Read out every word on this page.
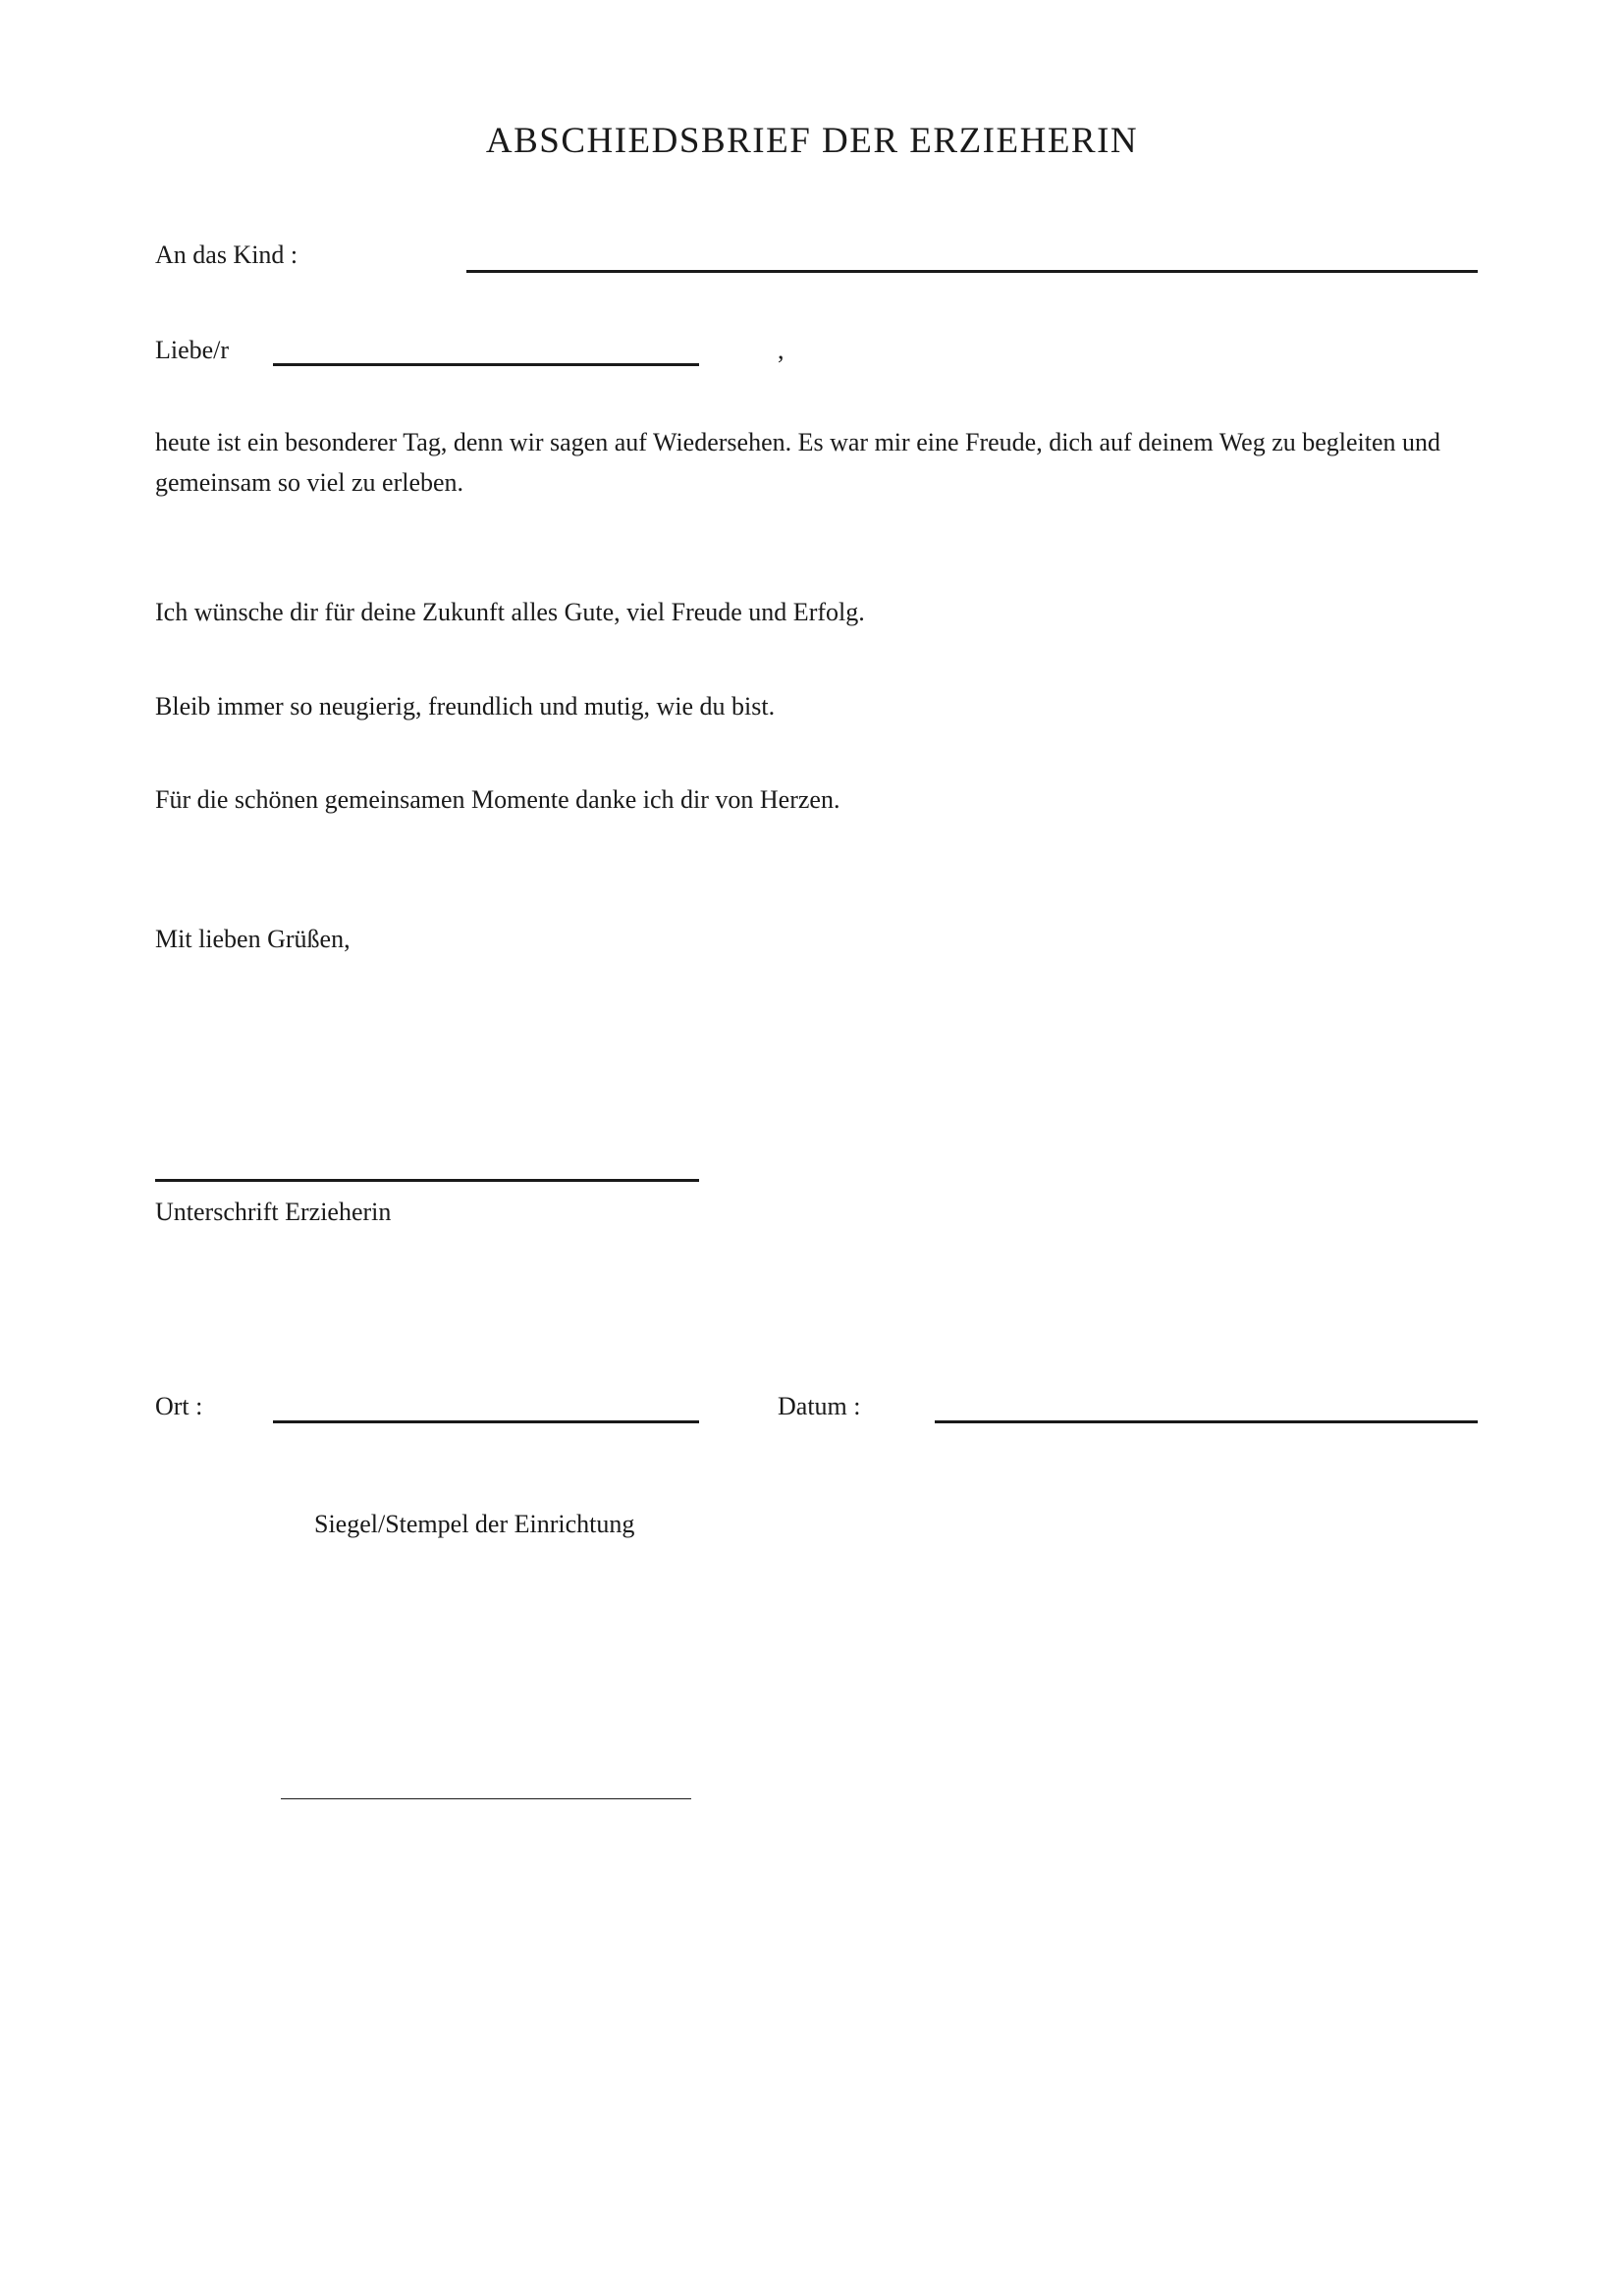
ABSCHIEDSBRIEF DER ERZIEHERIN
An das Kind :
Liebe/r	,
heute ist ein besonderer Tag, denn wir sagen auf Wiedersehen. Es war mir eine Freude, dich auf deinem Weg zu begleiten und gemeinsam so viel zu erleben.
Ich wünsche dir für deine Zukunft alles Gute, viel Freude und Erfolg.
Bleib immer so neugierig, freundlich und mutig, wie du bist.
Für die schönen gemeinsamen Momente danke ich dir von Herzen.
Mit lieben Grüßen,
Unterschrift Erzieherin
Ort :	Datum :
Siegel/Stempel der Einrichtung
